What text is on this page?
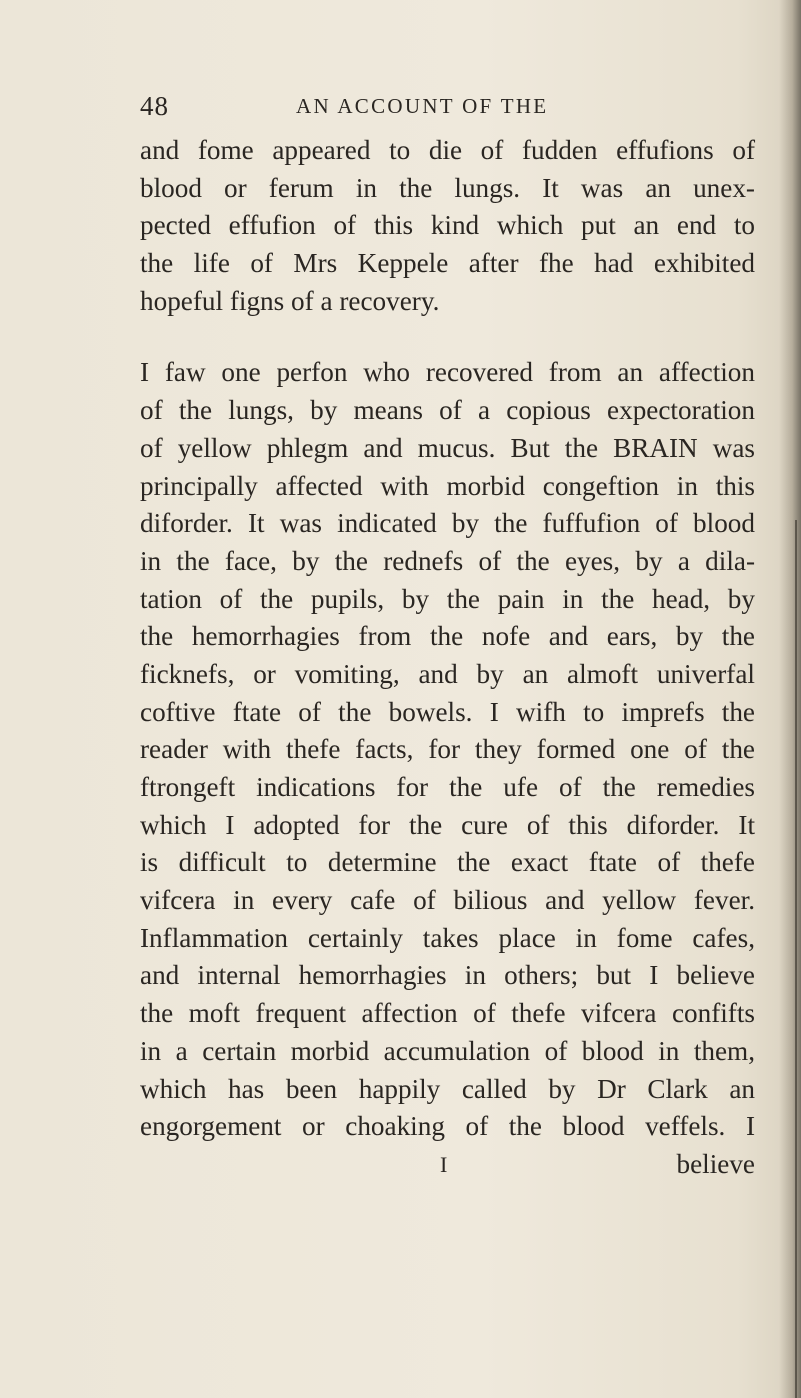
48	AN ACCOUNT OF THE
and fome appeared to die of fudden effufions of
blood or ferum in the lungs. It was an unex-
pected effufion of this kind which put an end to
the life of Mrs Keppele after fhe had exhibited
hopeful figns of a recovery.
I faw one perfon who recovered from an affection
of the lungs, by means of a copious expectoration
of yellow phlegm and mucus. But the BRAIN was
principally affected with morbid congeftion in this
diforder. It was indicated by the fuffufion of blood
in the face, by the rednefs of the eyes, by a dila-
tation of the pupils, by the pain in the head, by
the hemorrhagies from the nofe and ears, by the
ficknefs, or vomiting, and by an almoft univerfal
coftive ftate of the bowels. I wifh to imprefs the
reader with thefe facts, for they formed one of the
ftrongeft indications for the ufe of the remedies
which I adopted for the cure of this diforder. It
is difficult to determine the exact ftate of thefe
vifcera in every cafe of bilious and yellow fever.
Inflammation certainly takes place in fome cafes,
and internal hemorrhagies in others; but I believe
the moft frequent affection of thefe vifcera confifts
in a certain morbid accumulation of blood in them,
which has been happily called by Dr Clark an
engorgement or choaking of the blood veffels. I
I	believe
